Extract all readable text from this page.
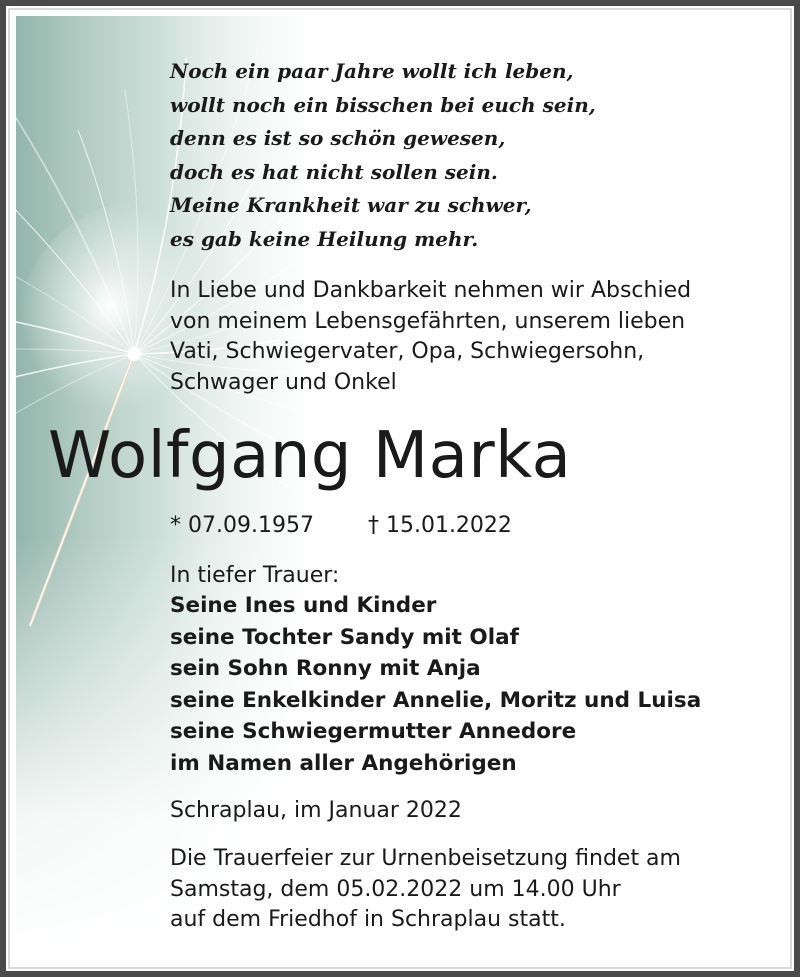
Noch ein paar Jahre wollt ich leben,
wollt noch ein bisschen bei euch sein,
denn es ist so schön gewesen,
doch es hat nicht sollen sein.
Meine Krankheit war zu schwer,
es gab keine Heilung mehr.
In Liebe und Dankbarkeit nehmen wir Abschied
von meinem Lebensgefährten, unserem lieben
Vati, Schwiegervater, Opa, Schwiegersohn,
Schwager und Onkel
Wolfgang Marka
* 07.09.1957 † 15.01.2022
In tiefer Trauer:
Seine Ines und Kinder
seine Tochter Sandy mit Olaf
sein Sohn Ronny mit Anja
seine Enkelkinder Annelie, Moritz und Luisa
seine Schwiegermutter Annedore
im Namen aller Angehörigen
Schraplau, im Januar 2022
Die Trauerfeier zur Urnenbeisetzung findet am
Samstag, dem 05.02.2022 um 14.00 Uhr
auf dem Friedhof in Schraplau statt.
